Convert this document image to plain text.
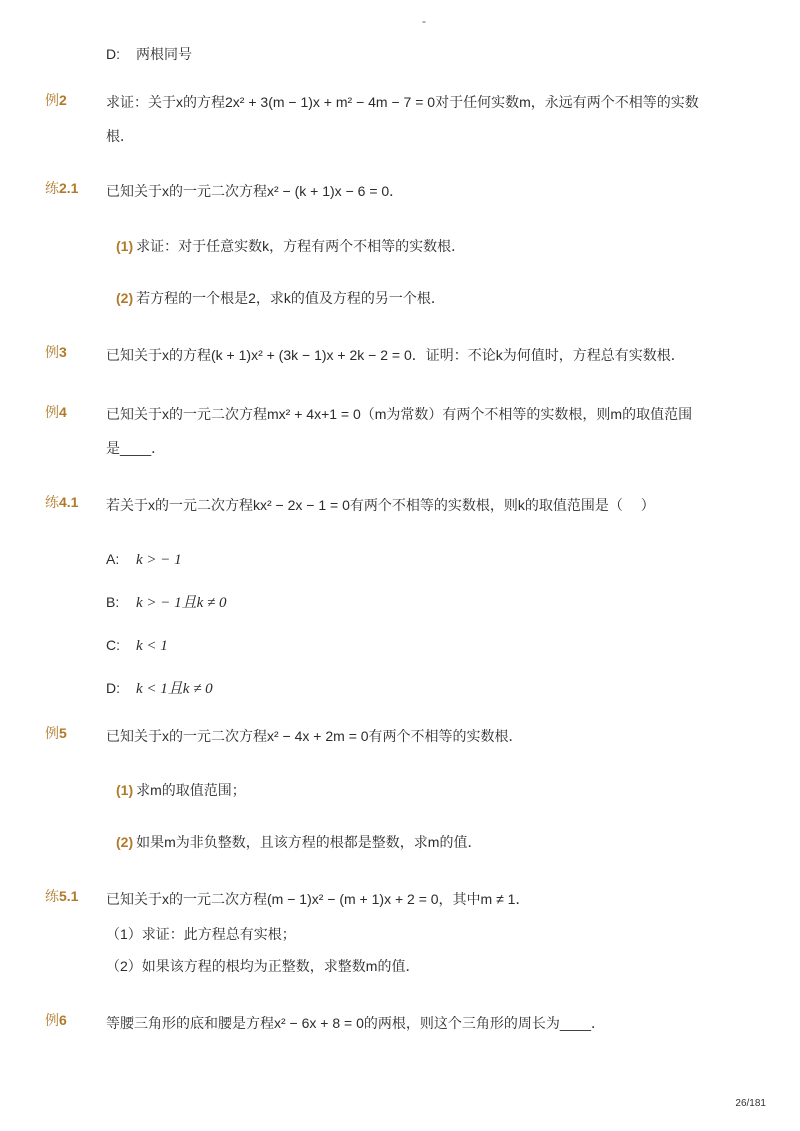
-
D: 两根同号
例2	求证：关于x的方程2x² + 3(m − 1)x + m² − 4m − 7 = 0对于任何实数m，永远有两个不相等的实数
根．
练2.1 已知关于x的一元二次方程x² − (k + 1)x − 6 = 0．
(1) 求证：对于任意实数k，方程有两个不相等的实数根．
(2) 若方程的一个根是2，求k的值及方程的另一个根．
例3	已知关于x的方程(k + 1)x² + (3k − 1)x + 2k − 2 = 0．证明：不论k为何值时，方程总有实数根．
例4	已知关于x的一元二次方程mx² + 4x+1 = 0（m为常数）有两个不相等的实数根，则m的取值范围
是____．
练4.1 若关于x的一元二次方程kx² − 2x − 1 = 0有两个不相等的实数根，则k的取值范围是（　 ）
A: k > − 1
B: k > − 1且k ≠ 0
C: k < 1
D: k < 1且k ≠ 0
例5	已知关于x的一元二次方程x² − 4x + 2m = 0有两个不相等的实数根．
(1) 求m的取值范围；
(2) 如果m为非负整数，且该方程的根都是整数，求m的值．
练5.1 已知关于x的一元二次方程(m − 1)x² − (m + 1)x + 2 = 0，其中m ≠ 1．
（1）求证：此方程总有实根；
（2）如果该方程的根均为正整数，求整数m的值．
例6	等腰三角形的底和腰是方程x² − 6x + 8 = 0的两根，则这个三角形的周长为____．
26/181
